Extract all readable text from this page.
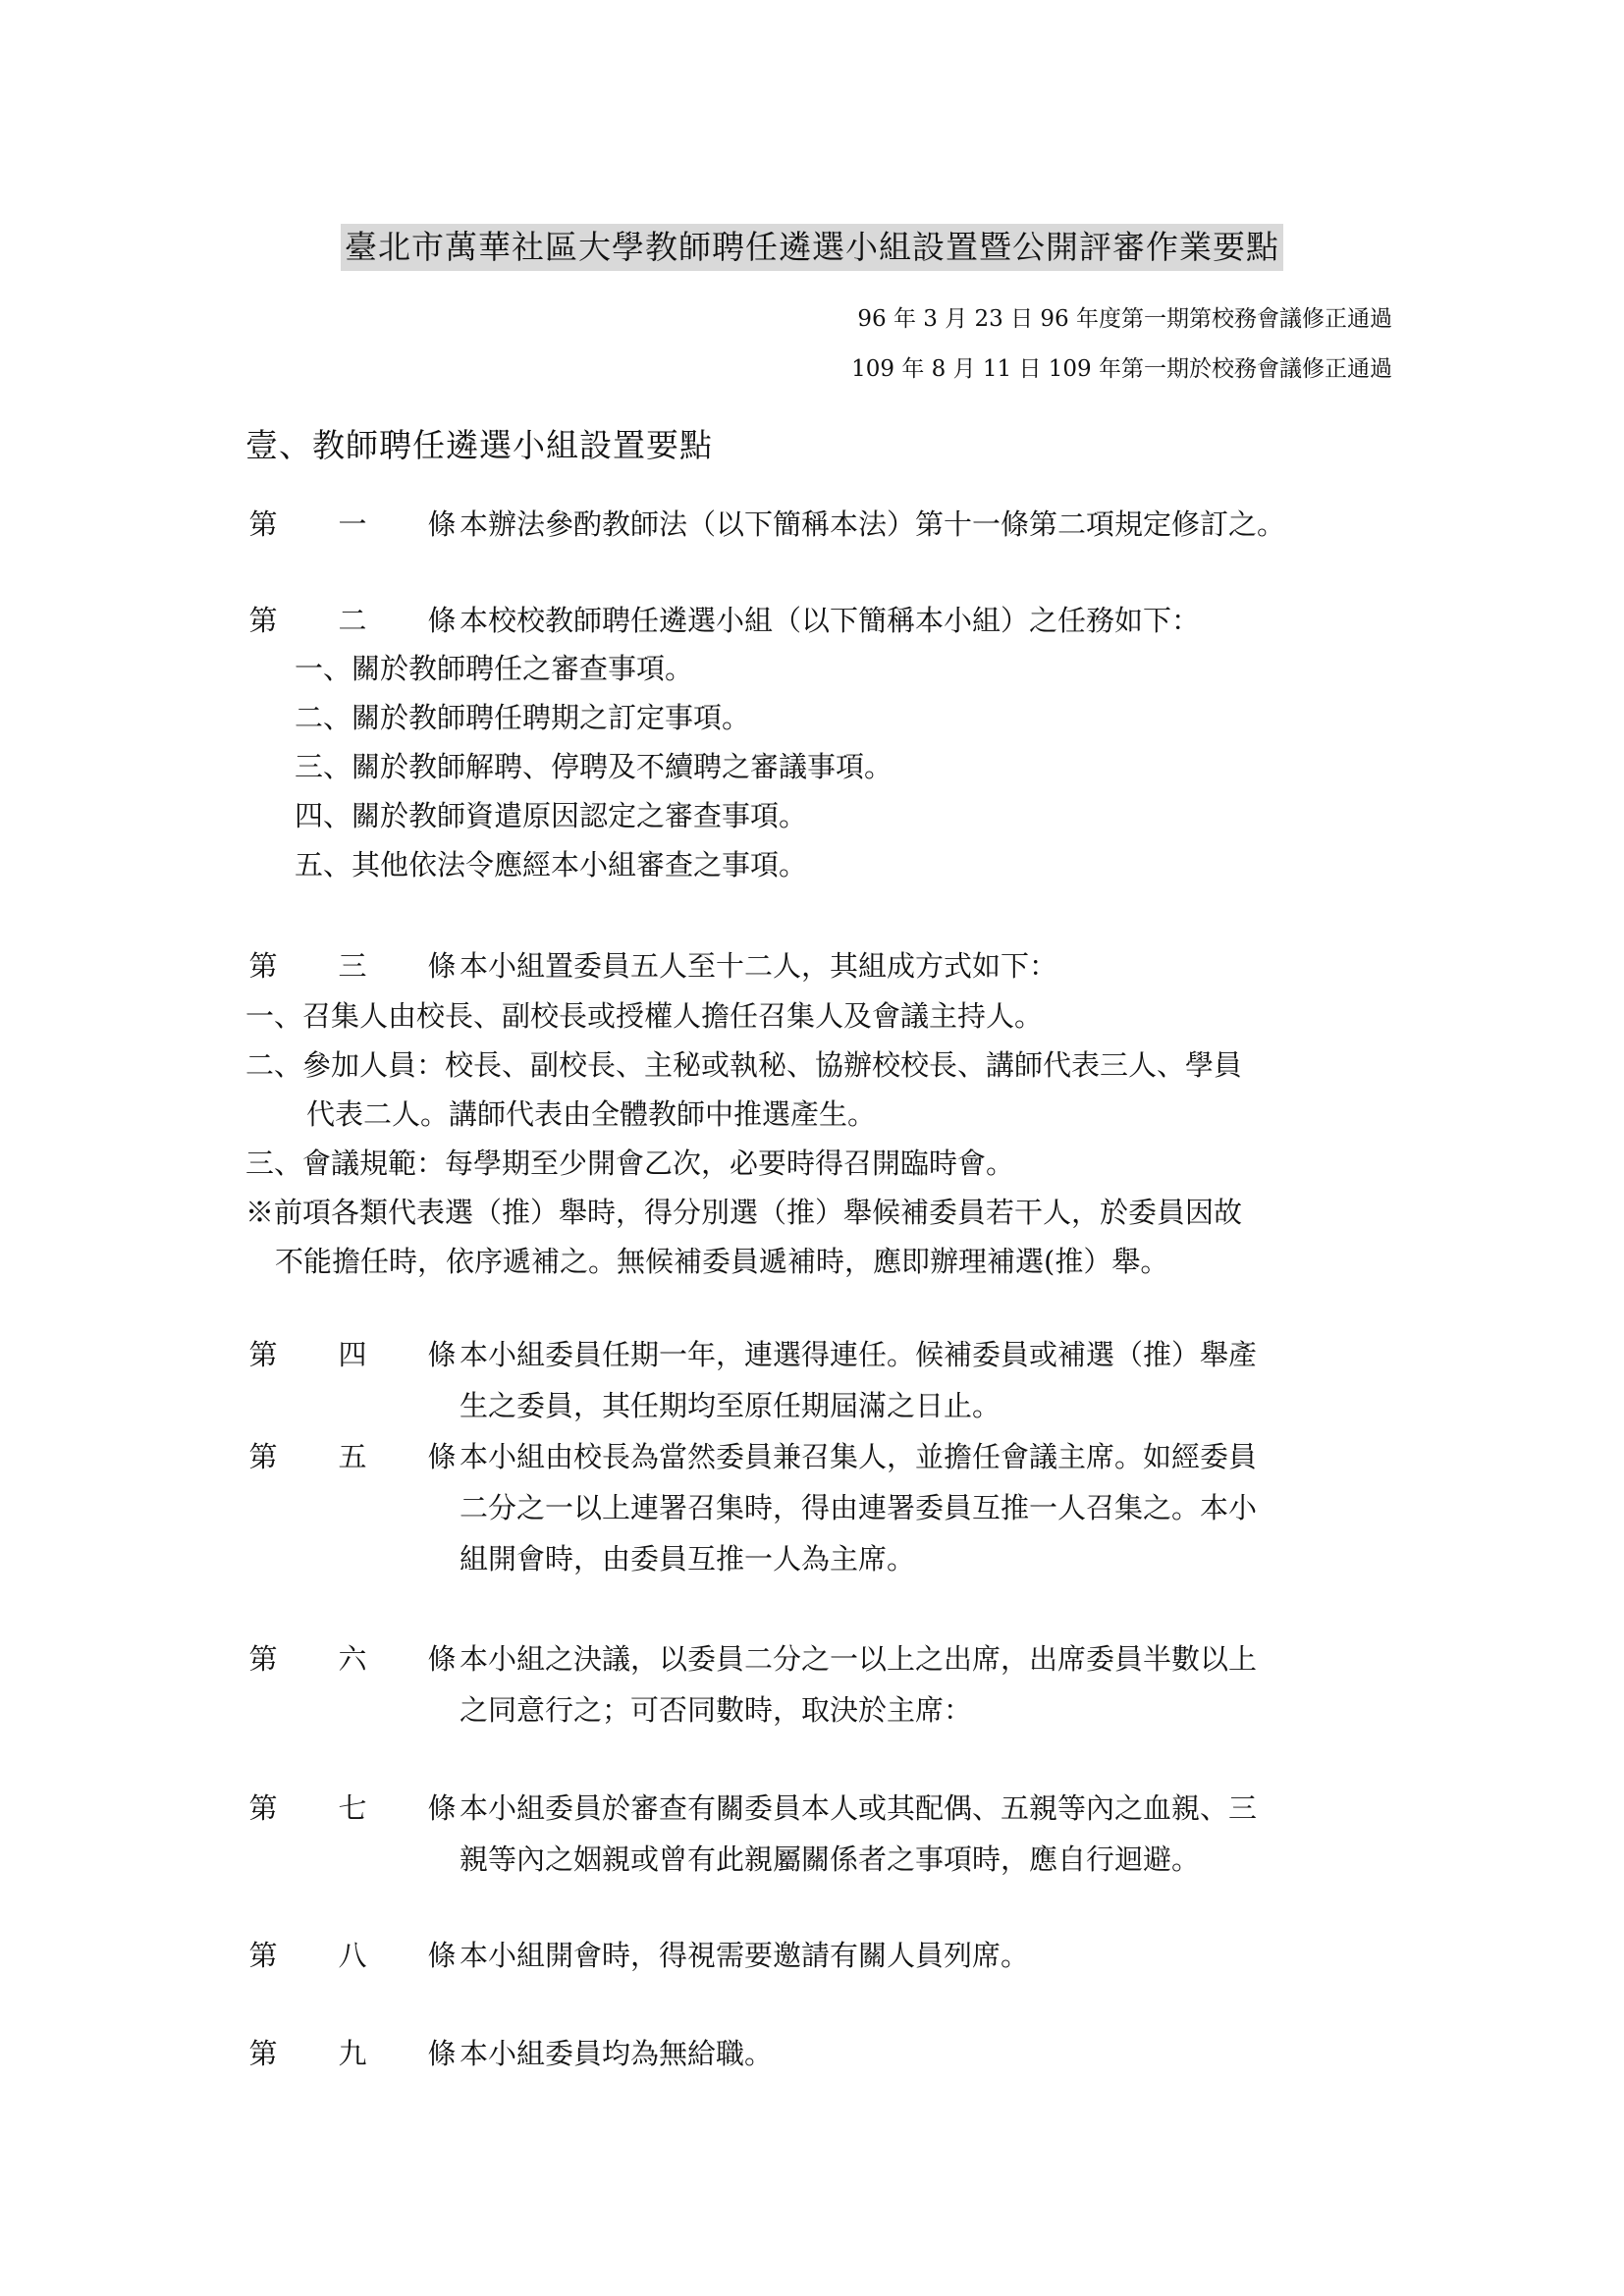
臺北市萬華社區大學教師聘任遴選小組設置暨公開評審作業要點
96 年 3 月 23 日 96 年度第一期第校務會議修正通過
109 年 8 月 11 日 109 年第一期於校務會議修正通過
壹、教師聘任遴選小組設置要點
第 一 條 本辦法參酌教師法（以下簡稱本法）第十一條第二項規定修訂之。
第 二 條 本校校教師聘任遴選小組（以下簡稱本小組）之任務如下：
一、關於教師聘任之審查事項。
二、關於教師聘任聘期之訂定事項。
三、關於教師解聘、停聘及不續聘之審議事項。
四、關於教師資遣原因認定之審查事項。
五、其他依法令應經本小組審查之事項。
第 三 條 本小組置委員五人至十二人，其組成方式如下：
一、召集人由校長、副校長或授權人擔任召集人及會議主持人。
二、參加人員：校長、副校長、主秘或執秘、協辦校校長、講師代表三人、學員
代表二人。講師代表由全體教師中推選產生。
三、會議規範：每學期至少開會乙次，必要時得召開臨時會。
※前項各類代表選（推）舉時，得分別選（推）舉候補委員若干人，於委員因故
不能擔任時，依序遞補之。無候補委員遞補時，應即辦理補選(推）舉。
第 四 條 本小組委員任期一年，連選得連任。候補委員或補選（推）舉產
生之委員，其任期均至原任期屆滿之日止。
第 五 條 本小組由校長為當然委員兼召集人，並擔任會議主席。如經委員
二分之一以上連署召集時，得由連署委員互推一人召集之。本小
組開會時，由委員互推一人為主席。
第 六 條 本小組之決議，以委員二分之一以上之出席，出席委員半數以上
之同意行之；可否同數時，取決於主席：
第 七 條 本小組委員於審查有關委員本人或其配偶、五親等內之血親、三
親等內之姻親或曾有此親屬關係者之事項時，應自行迴避。
第 八 條 本小組開會時，得視需要邀請有關人員列席。
第 九 條 本小組委員均為無給職。
